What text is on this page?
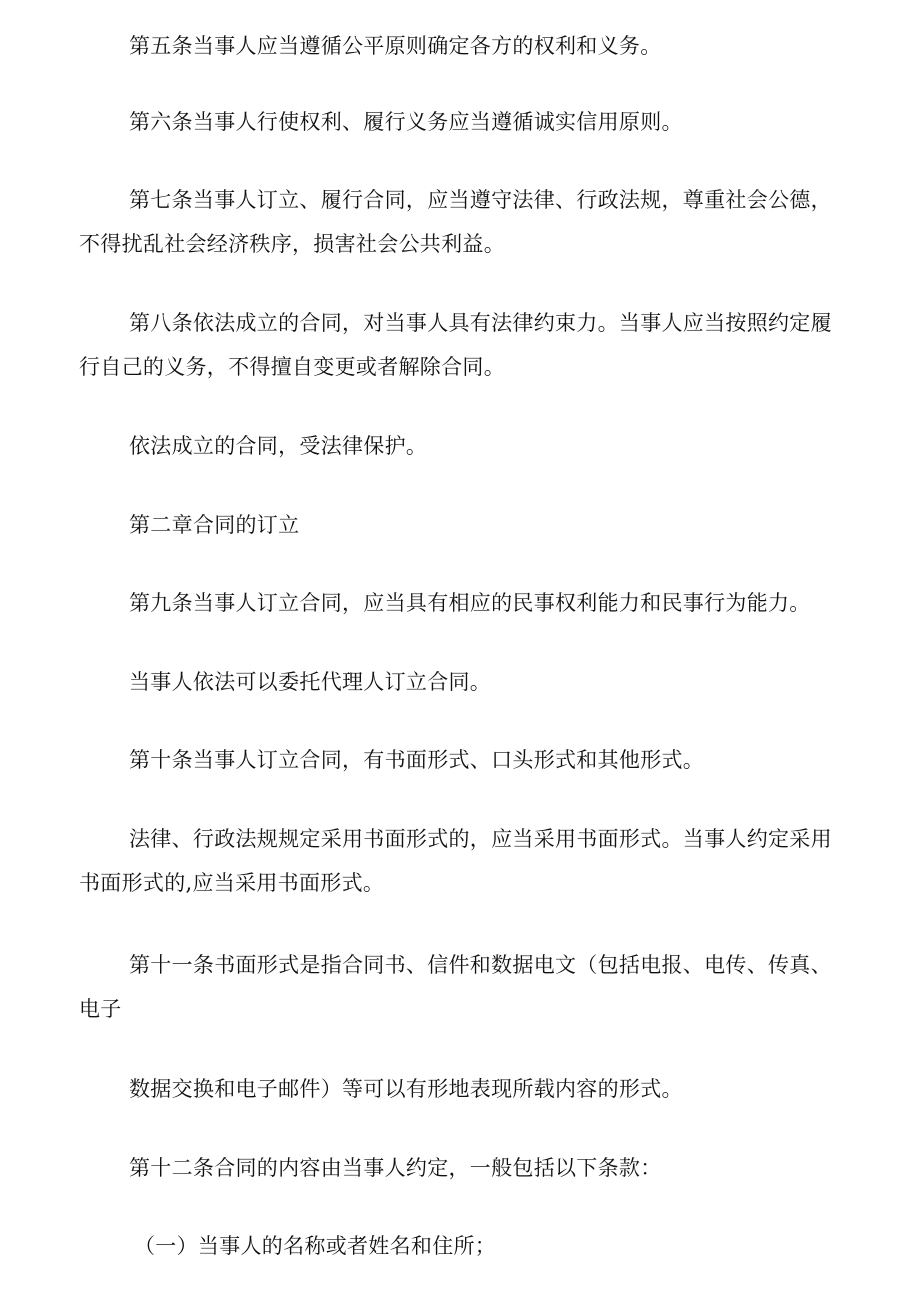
第五条当事人应当遵循公平原则确定各方的权利和义务。

第六条当事人行使权利、履行义务应当遵循诚实信用原则。

第七条当事人订立、履行合同，应当遵守法律、行政法规，尊重社会公德，不得扰乱社会经济秩序，损害社会公共利益。

第八条依法成立的合同，对当事人具有法律约束力。当事人应当按照约定履行自己的义务，不得擅自变更或者解除合同。

依法成立的合同，受法律保护。

第二章合同的订立

第九条当事人订立合同，应当具有相应的民事权利能力和民事行为能力。

当事人依法可以委托代理人订立合同。

第十条当事人订立合同，有书面形式、口头形式和其他形式。

法律、行政法规规定采用书面形式的，应当采用书面形式。当事人约定采用书面形式的,应当采用书面形式。

第十一条书面形式是指合同书、信件和数据电文（包括电报、电传、传真、电子

数据交换和电子邮件）等可以有形地表现所载内容的形式。

第十二条合同的内容由当事人约定，一般包括以下条款：

（一）当事人的名称或者姓名和住所；
